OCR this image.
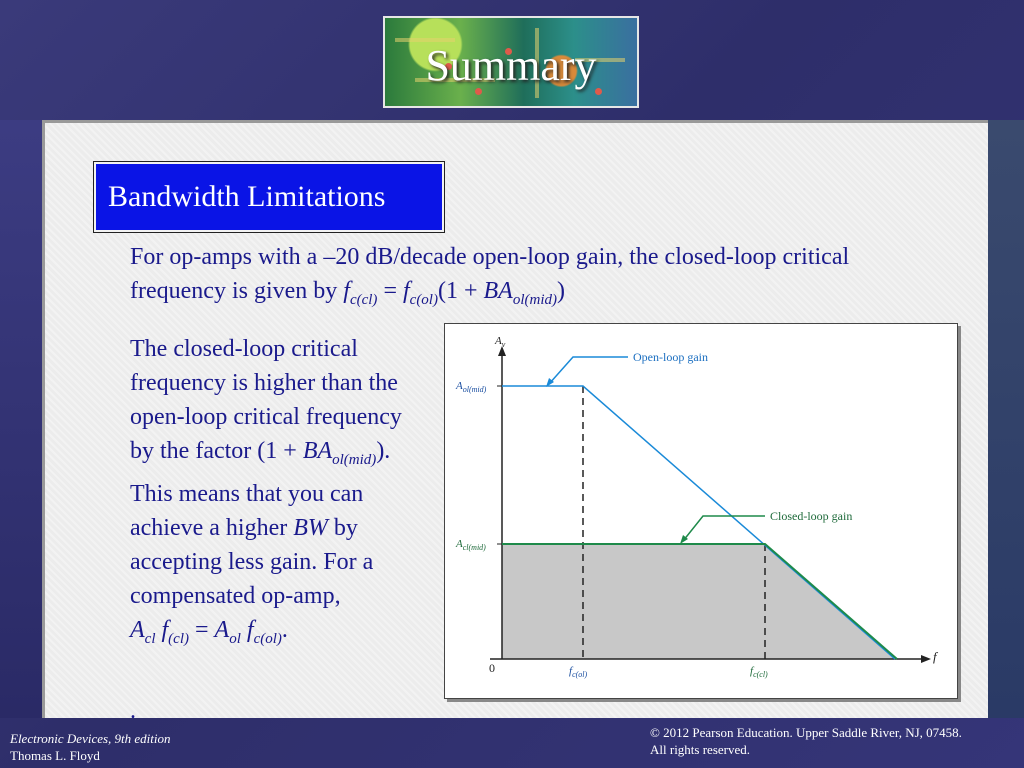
Summary
Bandwidth Limitations
For op-amps with a –20 dB/decade open-loop gain, the closed-loop critical frequency is given by $f_{c(cl)} = f_{c(ol)}(1 + BA_{ol(mid)})$
The closed-loop critical frequency is higher than the open-loop critical frequency by the factor $(1 + BA_{ol(mid)})$. This means that you can achieve a higher BW by accepting less gain. For a compensated op-amp,
$A_{cl}$ $f_{(cl)} = A_{ol}$ $f_{c(ol)}$.
.
$A_v$
f
0
$A_{ol(mid)}$
$A_{cl(mid)}$
$f_{c(ol)}$	$f_{c(cl)}$
Open-loop gain
Closed-loop gain
Electronic Devices, 9th edition
Thomas L. Floyd
© 2012 Pearson Education. Upper Saddle River, NJ, 07458.
All rights reserved.
